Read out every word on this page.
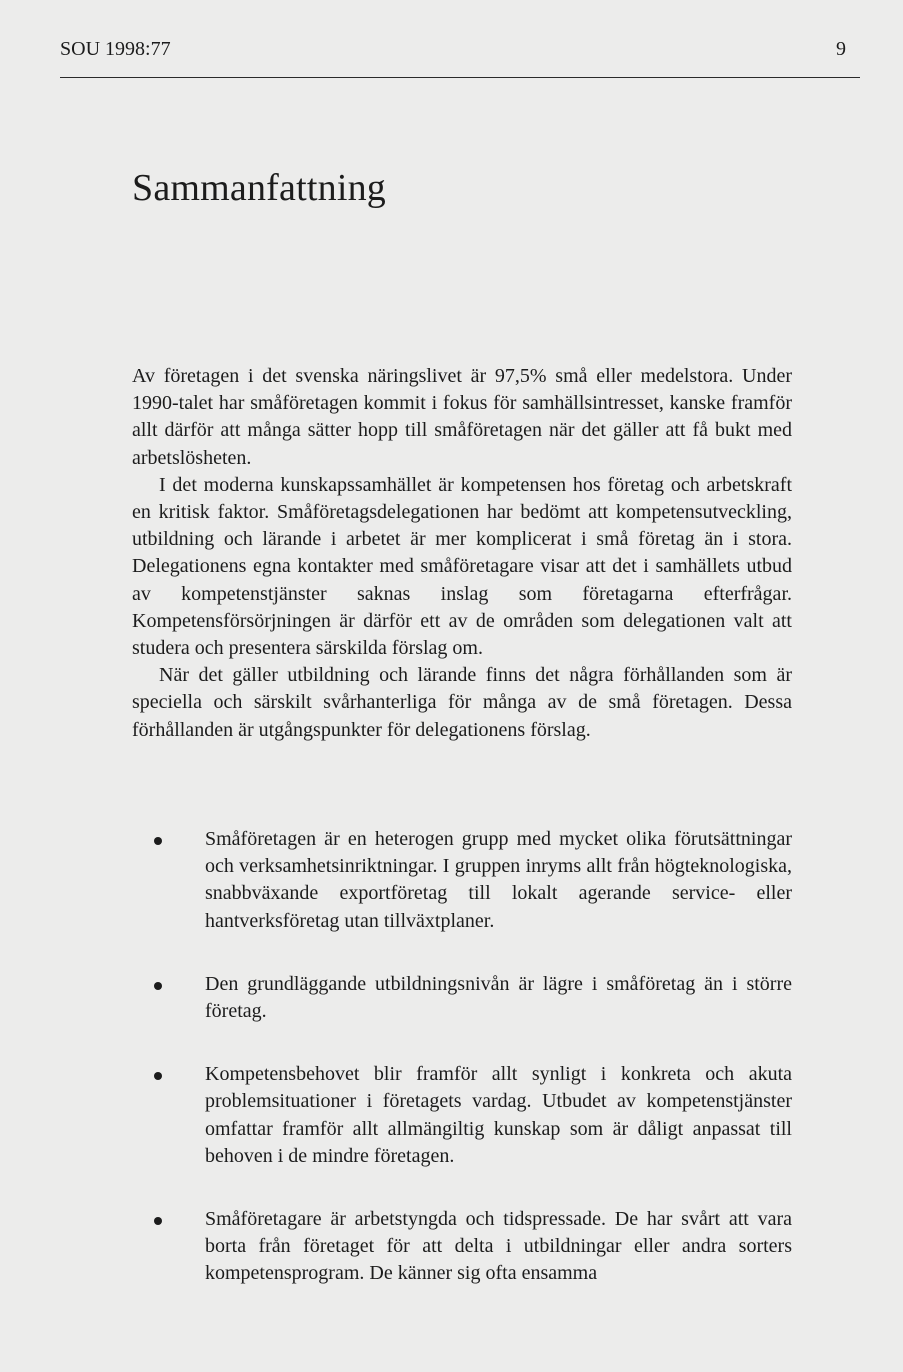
SOU 1998:77	9
Sammanfattning

Av företagen i det svenska näringslivet är 97,5% små eller medelstora. Under 1990-talet har småföretagen kommit i fokus för samhällsintresset, kanske framför allt därför att många sätter hopp till småföretagen när det gäller att få bukt med arbetslösheten.

I det moderna kunskapssamhället är kompetensen hos företag och arbetskraft en kritisk faktor. Småföretagsdelegationen har bedömt att kompetensutveckling, utbildning och lärande i arbetet är mer komplicerat i små företag än i stora. Delegationens egna kontakter med småföretagare visar att det i samhällets utbud av kompetenstjänster saknas inslag som företagarna efterfrågar. Kompetensförsörjningen är därför ett av de områden som delegationen valt att studera och presentera särskilda förslag om.

När det gäller utbildning och lärande finns det några förhållanden som är speciella och särskilt svårhanterliga för många av de små företagen. Dessa förhållanden är utgångspunkter för delegationens förslag.

Småföretagen är en heterogen grupp med mycket olika förutsättningar och verksamhetsinriktningar. I gruppen inryms allt från högteknologiska, snabbväxande exportföretag till lokalt agerande service- eller hantverksföretag utan tillväxtplaner.
Den grundläggande utbildningsnivån är lägre i småföretag än i större företag.
Kompetensbehovet blir framför allt synligt i konkreta och akuta problemsituationer i företagets vardag. Utbudet av kompetenstjänster omfattar framför allt allmängiltig kunskap som är dåligt anpassat till behoven i de mindre företagen.
Småföretagare är arbetstyngda och tidspressade. De har svårt att vara borta från företaget för att delta i utbildningar eller andra sorters kompetensprogram. De känner sig ofta ensamma
